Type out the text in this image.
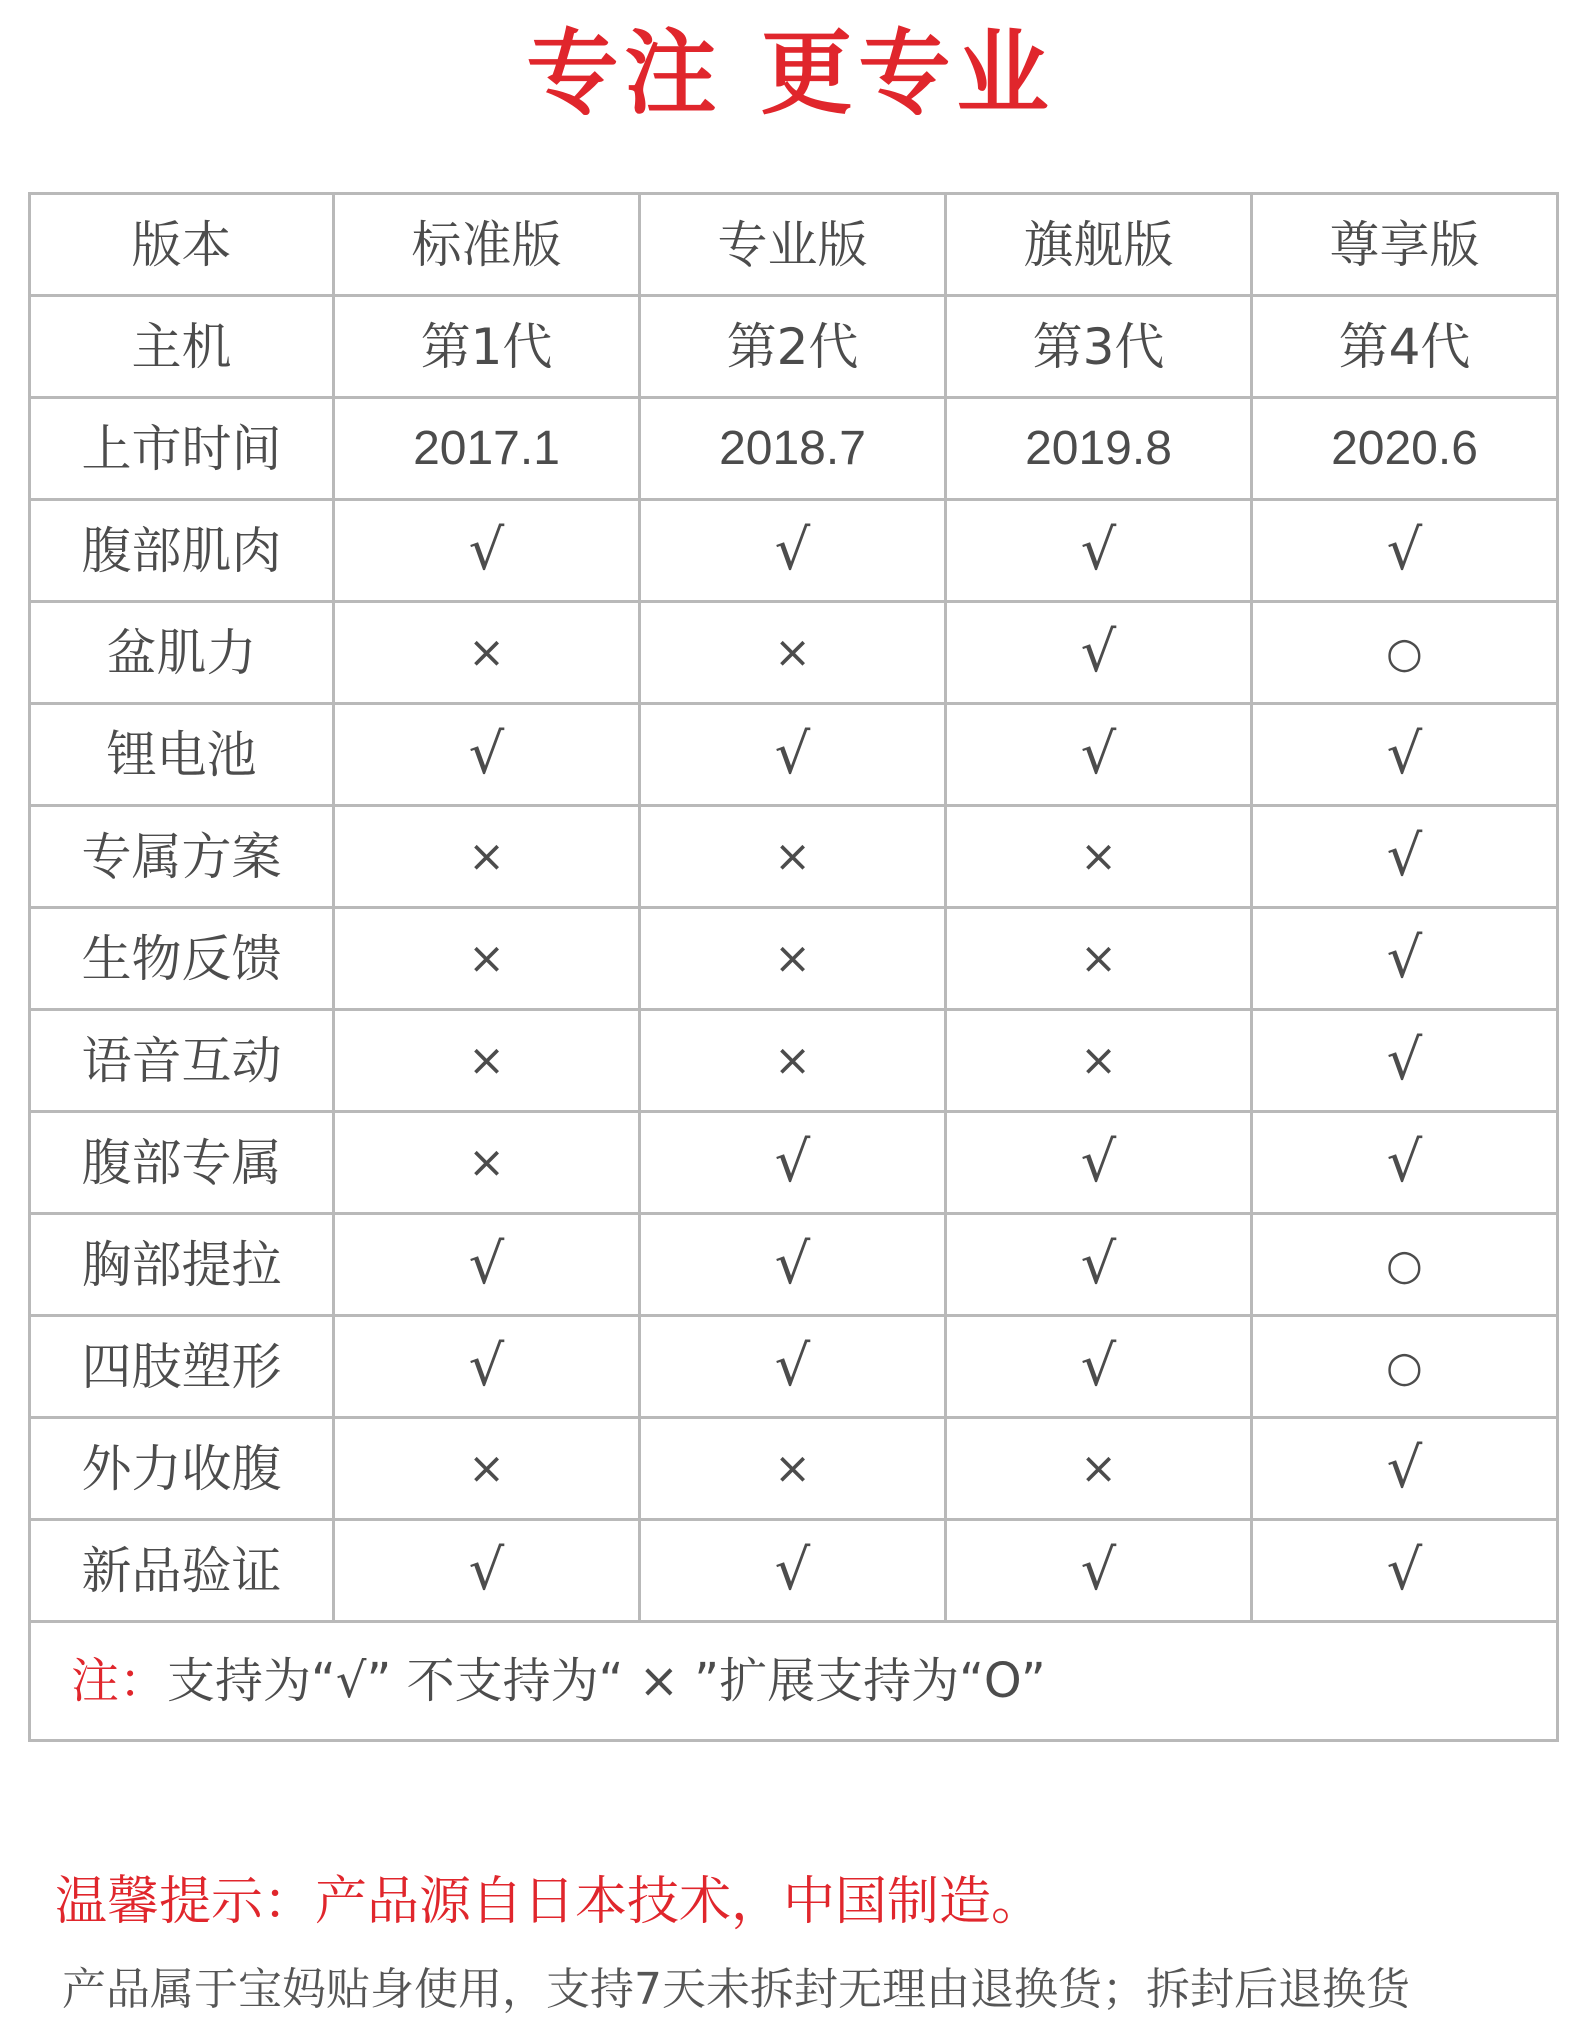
专注 更专业
版本	标准版	专业版	旗舰版	尊享版
主机	第1代	第2代	第3代	第4代
上市时间	2017.1	2018.7	2019.8	2020.6
腹部肌肉	√	√	√	√
盆肌力	×	×	√	○
锂电池	√	√	√	√
专属方案	×	×	×	√
生物反馈	×	×	×	√
语音互动	×	×	×	√
腹部专属	×	√	√	√
胸部提拉	√	√	√	○
四肢塑形	√	√	√	○
外力收腹	×	×	×	√
新品验证	√	√	√	√
注：支持为“√” 不支持为“ × ”扩展支持为“O”				

温馨提示：产品源自日本技术，中国制造。

产品属于宝妈贴身使用，支持7天未拆封无理由退换货；拆封后退换货
